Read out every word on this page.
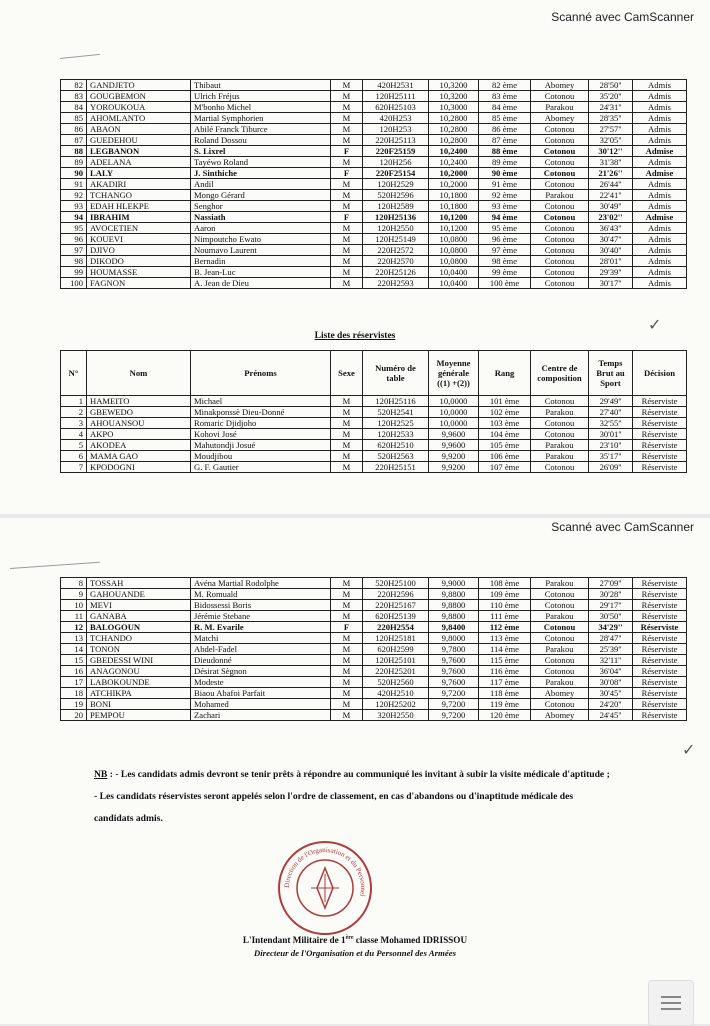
Scanné avec CamScanner
82	GANDJETO	Thibaut	M	420H2531	10,3200	82 ème	Abomey	28'50''	Admis
83	GOUGBEMON	Ulrich Fréjus	M	120H25111	10,3200	83 ème	Cotonou	35'20''	Admis
84	YOROUKOUA	M'bonho Michel	M	620H25103	10,3000	84 ème	Parakou	24'31''	Admis
85	AHOMLANTO	Martial Symphorien	M	420H253	10,2800	85 ème	Abomey	28'35''	Admis
86	ABAON	Abilé Franck Tiburce	M	120H253	10,2800	86 ème	Cotonou	27'57''	Admis
87	GUEDEHOU	Roland Dossou	M	220H25113	10,2800	87 ème	Cotonou	32'05''	Admis
88	LEGBANON	S. Lixrel	F	220F25159	10,2400	88 ème	Cotonou	30'12''	Admise
89	ADELANA	Tayéwo Roland	M	120H256	10,2400	89 ème	Cotonou	31'38''	Admis
90	LALY	J. Sinthiche	F	220F25154	10,2000	90 ème	Cotonou	21'26''	Admise
91	AKADIRI	Andil	M	120H2529	10,2000	91 ème	Cotonou	26'44''	Admis
92	TCHANGO	Mongo Gérard	M	520H2596	10,1800	92 ème	Parakou	22'41''	Admis
93	EDAH HLEKPE	Senghor	M	120H2589	10,1800	93 ème	Cotonou	30'49''	Admis
94	IBRAHIM	Nassiath	F	120H25136	10,1200	94 ème	Cotonou	23'02''	Admise
95	AVOCETIEN	Aaron	M	120H2550	10,1200	95 ème	Cotonou	36'43''	Admis
96	KOUEVI	Nimpoutcho Ewato	M	120H25149	10,0800	96 ème	Cotonou	30'47''	Admis
97	DJIVO	Noumavo Laurent	M	220H2572	10,0800	97 ème	Cotonou	30'40''	Admis
98	DIKODO	Bernadin	M	220H2570	10,0800	98 ème	Cotonou	28'01''	Admis
99	HOUMASSE	B. Jean-Luc	M	220H25126	10,0400	99 ème	Cotonou	29'39''	Admis
100	FAGNON	A. Jean de Dieu	M	220H2593	10,0400	100 ème	Cotonou	30'17''	Admis
Liste des réservistes
N°	Nom	Prénoms	Sexe	Numéro de table	Moyenne générale ((1) +(2))	Rang	Centre de composition	Temps Brut au Sport	Décision
1	HAMEITO	Michael	M	120H25116	10,0000	101 ème	Cotonou	29'49''	Réserviste
2	GBEWEDO	Minakponssè Dieu-Donné	M	520H2541	10,0000	102 ème	Parakou	27'40''	Réserviste
3	AHOUANSOU	Romaric Djidjoho	M	120H2525	10,0000	103 ème	Cotonou	32'55''	Réserviste
4	AKPO	Kohovi José	M	120H2533	9,9600	104 ème	Cotonou	30'01''	Réserviste
5	AKODEA	Mahutondji Josué	M	620H2510	9,9600	105 ème	Parakou	23'10''	Réserviste
6	MAMA GAO	Moudjibou	M	520H2563	9,9200	106 ème	Parakou	35'17''	Réserviste
7	KPODOGNI	G. F. Gautier	M	220H25151	9,9200	107 ème	Cotonou	26'09''	Réserviste
✓
Scanné avec CamScanner
8	TOSSAH	Avéna Martial Rodolphe	M	520H25100	9,9000	108 ème	Parakou	27'09''	Réserviste
9	GAHOUANDE	M. Romuald	M	220H2596	9,8800	109 ème	Cotonou	30'28''	Réserviste
10	MEVI	Bidossessi Boris	M	220H25167	9,8800	110 ème	Cotonou	29'17''	Réserviste
11	GANABA	Jérémie Stebane	M	620H25139	9,8800	111 ème	Parakou	30'50''	Réserviste
12	BALOGOUN	R. M. Evarile	F	220H2554	9,8400	112 ème	Cotonou	34'29''	Réserviste
13	TCHANDO	Matchi	M	120H25181	9,8000	113 ème	Cotonou	28'47''	Réserviste
14	TONON	Abdel-Fadel	M	620H2599	9,7800	114 ème	Parakou	25'39''	Réserviste
15	GBEDESSI WINI	Dieudonné	M	120H25101	9,7600	115 ème	Cotonou	32'11''	Réserviste
16	ANAGONOU	Désirat Sègnon	M	220H25201	9,7600	116 ème	Cotonou	36'04''	Réserviste
17	LABOKOUNDE	Modeste	M	520H2560	9,7600	117 ème	Parakou	30'08''	Réserviste
18	ATCHIKPA	Biaou Abafoi Parfait	M	420H2510	9,7200	118 ème	Abomey	30'45''	Réserviste
19	BONI	Mohamed	M	120H25202	9,7200	119 ème	Cotonou	24'20''	Réserviste
20	PEMPOU	Zachari	M	320H2550	9,7200	120 ème	Abomey	24'45''	Réserviste
✓

NB : - Les candidats admis devront se tenir prêts à répondre au communiqué les invitant à subir la visite médicale d'aptitude ;

- Les candidats réservistes seront appelés selon l'ordre de classement, en cas d'abandons ou d'inaptitude médicale des

candidats admis.

Direction de l'Organisation et du Personnel
L'Intendant Militaire de 1ère classe Mohamed IDRISSOU
Directeur de l'Organisation et du Personnel des Armées
